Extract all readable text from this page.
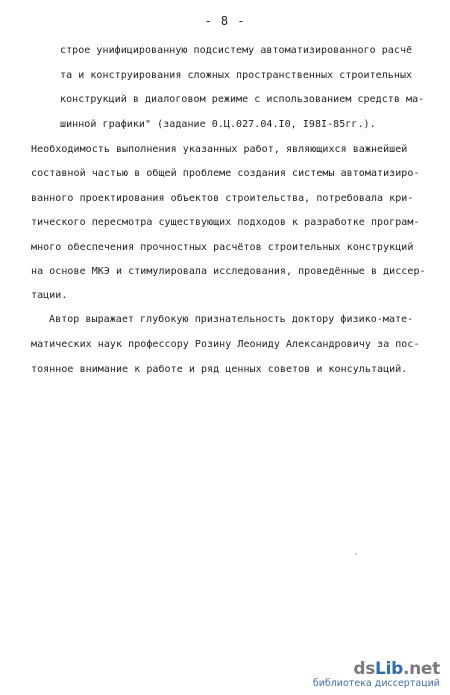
- 8 -
строе унифицированную подсистему автоматизированного расчё
та и конструирования сложных пространственных строительных
конструкций в диалоговом режиме с использованием средств ма-
шинной графики" (задание 0.Ц.027.04.I0, I98I-85гг.).
Необходимость выполнения указанных работ, являющихся важнейшей
составной частью в общей проблеме создания системы автоматизиро-
ванного проектирования объектов строительства, потребовала кри-
тического пересмотра существующих подходов к разработке програм-
много обеспечения прочностных расчётов строительных конструкций
на основе МКЭ и стимулировала исследования, проведённые в диссер-
тации.
Автор выражает глубокую признательность доктору физико-мате-
матических наук профессору Розину Леониду Александровичу за пос-
тоянное внимание к работе и ряд ценных советов и консультаций.
dsLib.net
библиотека диссертаций
